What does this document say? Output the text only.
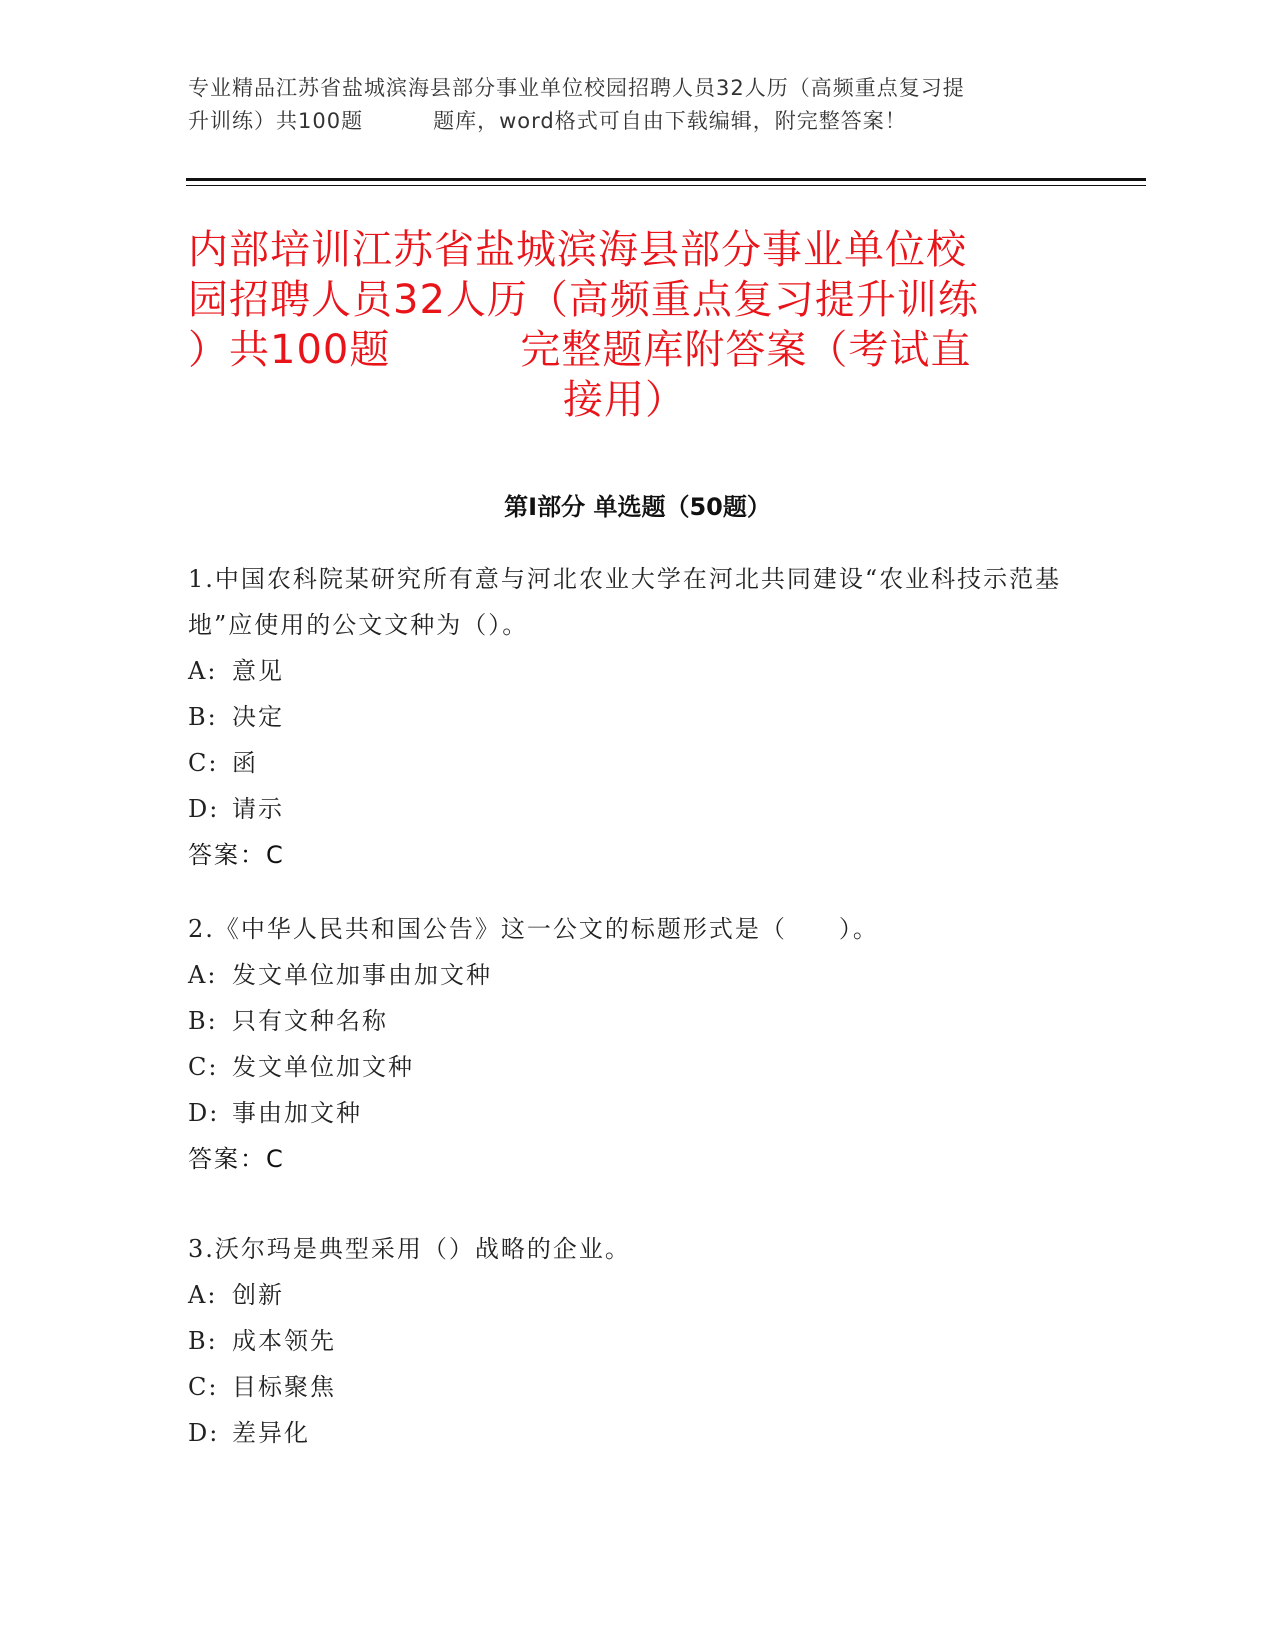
专业精品江苏省盐城滨海县部分事业单位校园招聘人员32人历（高频重点复习提
升训练）共100题	题库，word格式可自由下载编辑，附完整答案！
内部培训江苏省盐城滨海县部分事业单位校
园招聘人员32人历（高频重点复习提升训练
）共100题	完整题库附答案（考试直
接用）
第Ⅰ部分 单选题（50题）
1.中国农科院某研究所有意与河北农业大学在河北共同建设“农业科技示范基地”应使用的公文文种为（）。
A: 意见
B: 决定
C: 函
D: 请示
答案：C
2.《中华人民共和国公告》这一公文的标题形式是（　　）。
A: 发文单位加事由加文种
B: 只有文种名称
C: 发文单位加文种
D: 事由加文种
答案：C
3.沃尔玛是典型采用（）战略的企业。
A: 创新
B: 成本领先
C: 目标聚焦
D: 差异化
